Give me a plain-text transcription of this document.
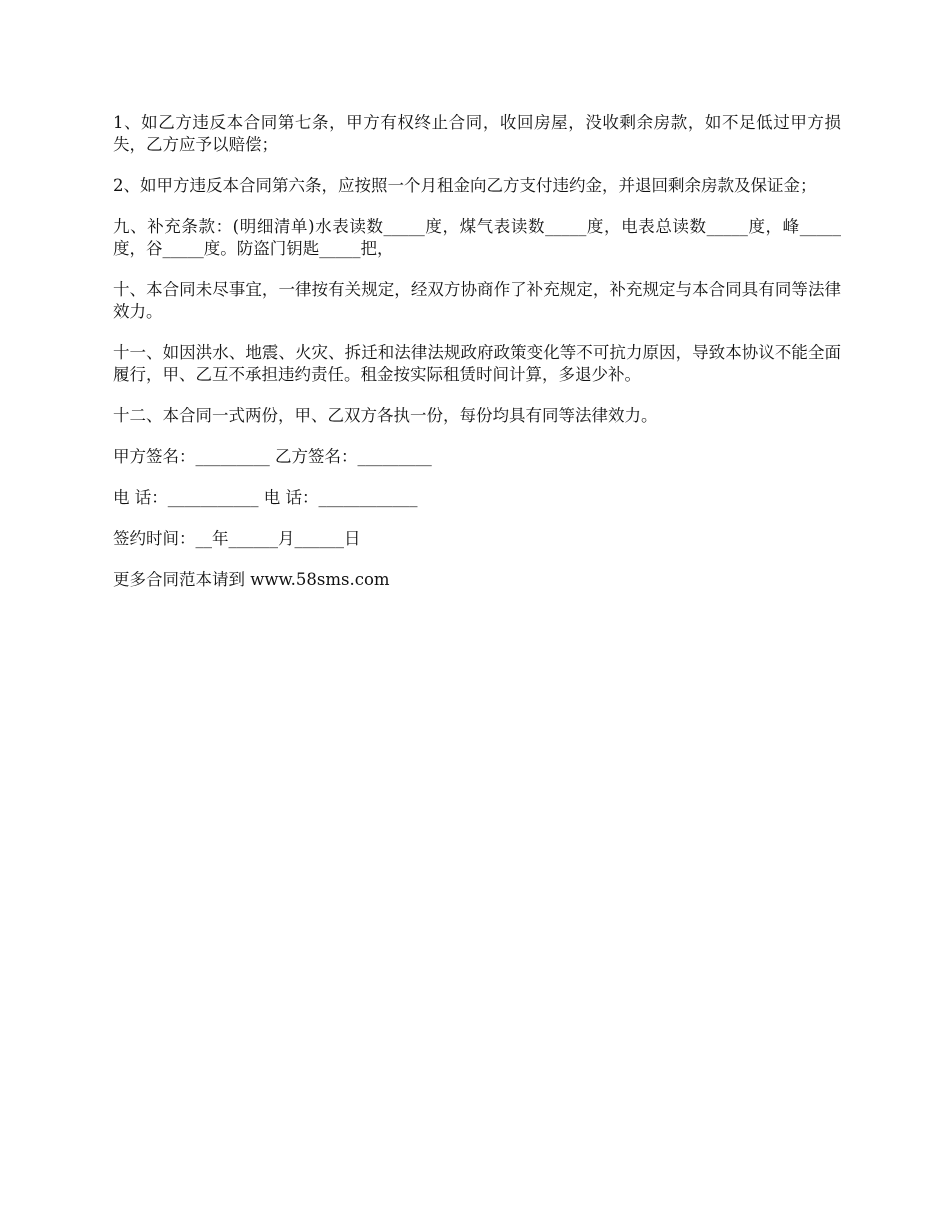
1、如乙方违反本合同第七条，甲方有权终止合同，收回房屋，没收剩余房款，如不足低过甲方损失，乙方应予以赔偿；

2、如甲方违反本合同第六条，应按照一个月租金向乙方支付违约金，并退回剩余房款及保证金；

九、补充条款：(明细清单)水表读数_____度，煤气表读数_____度，电表总读数_____度，峰_____度，谷_____度。防盗门钥匙_____把，

十、本合同未尽事宜，一律按有关规定，经双方协商作了补充规定，补充规定与本合同具有同等法律效力。

十一、如因洪水、地震、火灾、拆迁和法律法规政府政策变化等不可抗力原因，导致本协议不能全面履行，甲、乙互不承担违约责任。租金按实际租赁时间计算，多退少补。

十二、本合同一式两份，甲、乙双方各执一份，每份均具有同等法律效力。

甲方签名：_________ 乙方签名：_________

电 话：___________ 电 话：____________

签约时间：__年______月______日

更多合同范本请到 www.58sms.com
